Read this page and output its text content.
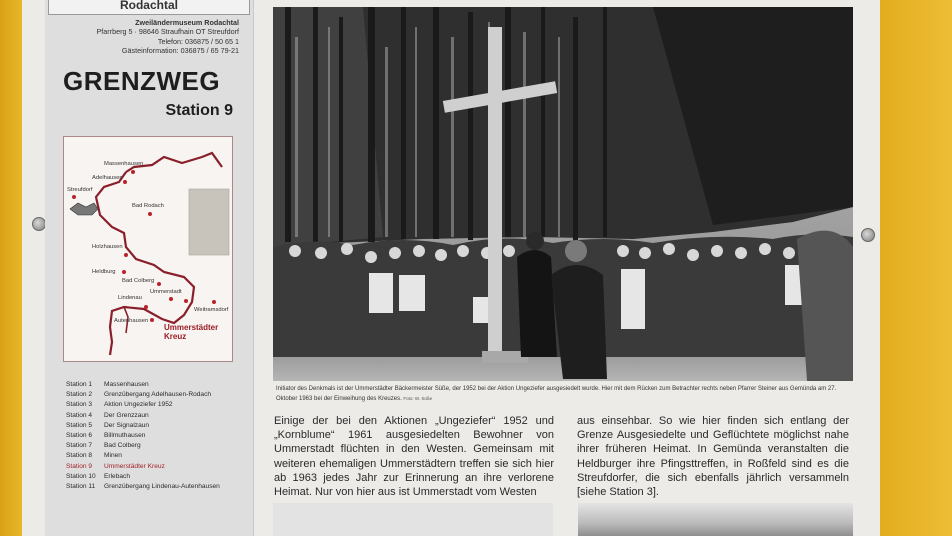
Rodachtal
Zweiländermuseum Rodachtal
Pfarrberg 5 · 98646 Straufhain OT Streufdorf
Telefon: 036875 / 50 65 1
Gästeinformation: 036875 / 65 79-21
GRENZWEG
Station 9
Massenhausen
Adelhausen
Streufdorf
Bad Rodach
Holzhausen
Heldburg
Bad Colberg
Lindenau
Ummerstadt
Weitramsdorf
Autenhausen
Ummerstädter Kreuz
Station 1 Massenhausen
Station 2 Grenzübergang Adelhausen-Rodach
Station 3 Aktion Ungeziefer 1952
Station 4 Der Grenzzaun
Station 5 Der Signalzaun
Station 6 Billmuthausen
Station 7 Bad Colberg
Station 8 Minen
Station 9 Ummerstädter Kreuz
Station 10 Erlebach
Station 11 Grenzübergang Lindenau-Autenhausen
Initiator des Denkmals ist der Ummerstädter Bäckermeister Süße, der 1952 bei der Aktion Ungeziefer ausgesiedelt wurde. Hier mit dem Rücken zum Betrachter rechts neben Pfarrer Steiner aus Gemünda am 27. Oktober 1963 bei der Einweihung des Kreuzes. Foto: W. Süße
Einige der bei den Aktionen „Ungeziefer“ 1952 und „Kornblume“ 1961 ausgesiedelten Bewohner von Ummerstadt flüchten in den Westen. Gemeinsam mit weiteren ehemaligen Ummerstädtern treffen sie sich hier ab 1963 jedes Jahr zur Erinnerung an ihre verlorene Heimat. Nur von hier aus ist Ummerstadt vom Westen
aus einsehbar. So wie hier finden sich entlang der Grenze Ausgesiedelte und Geflüchtete möglichst nahe ihrer früheren Heimat. In Gemünda veranstalten die Heldburger ihre Pfingsttreffen, in Roßfeld sind es die Streufdorfer, die sich ebenfalls jährlich versammeln [siehe Station 3].
